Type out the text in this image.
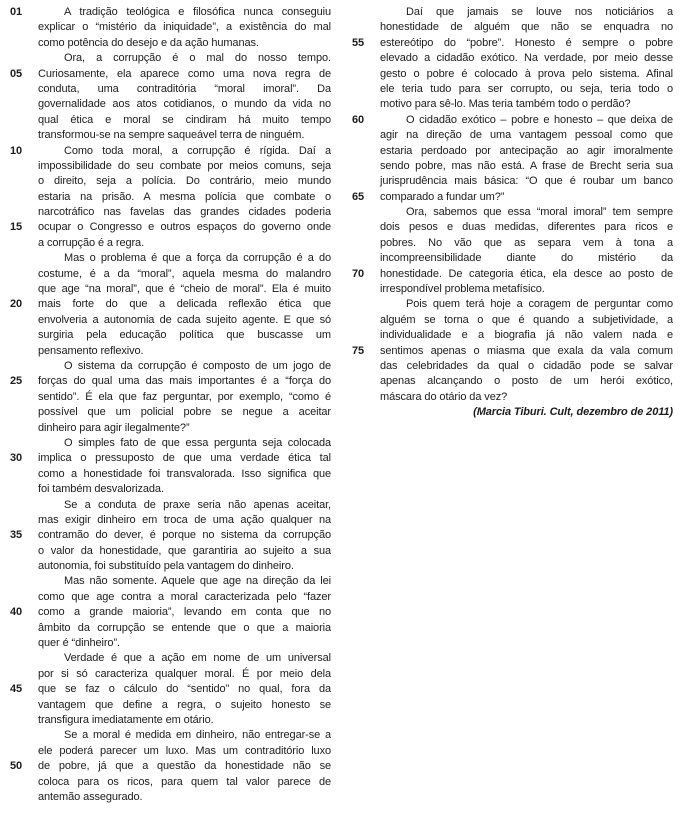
01	A tradição teológica e filosófica nunca conseguiu
explicar o “mistério da iniquidade”, a existência do mal
como potência do desejo e da ação humanas.
Ora, a corrupção é o mal do nosso tempo.
05	Curiosamente, ela aparece como uma nova regra de
conduta, uma contraditória “moral imoral”. Da
governalidade aos atos cotidianos, o mundo da vida no
qual ética e moral se cindiram há muito tempo
transformou-se na sempre saqueável terra de ninguém.
10	Como toda moral, a corrupção é rígida. Daí a
impossibilidade do seu combate por meios comuns, seja
o direito, seja a polícia. Do contrário, meio mundo
estaria na prisão. A mesma polícia que combate o
narcotráfico nas favelas das grandes cidades poderia
15	ocupar o Congresso e outros espaços do governo onde
a corrupção é a regra.
Mas o problema é que a força da corrupção é a do
costume, é a da “moral”, aquela mesma do malandro
que age “na moral”, que é “cheio de moral”. Ela é muito
20	mais forte do que a delicada reflexão ética que
envolveria a autonomia de cada sujeito agente. E que só
surgiria pela educação política que buscasse um
pensamento reflexivo.
O sistema da corrupção é composto de um jogo de
25	forças do qual uma das mais importantes é a “força do
sentido”. É ela que faz perguntar, por exemplo, “como é
possível que um policial pobre se negue a aceitar
dinheiro para agir ilegalmente?”
O simples fato de que essa pergunta seja colocada
30	implica o pressuposto de que uma verdade ética tal
como a honestidade foi transvalorada. Isso significa que
foi também desvalorizada.
Se a conduta de praxe seria não apenas aceitar,
mas exigir dinheiro em troca de uma ação qualquer na
35	contramão do dever, é porque no sistema da corrupção
o valor da honestidade, que garantiria ao sujeito a sua
autonomia, foi substituído pela vantagem do dinheiro.
Mas não somente. Aquele que age na direção da lei
como que age contra a moral caracterizada pelo “fazer
40	como a grande maioria”, levando em conta que no
âmbito da corrupção se entende que o que a maioria
quer é “dinheiro”.
Verdade é que a ação em nome de um universal
por si só caracteriza qualquer moral. É por meio dela
45	que se faz o cálculo do “sentido” no qual, fora da
vantagem que define a regra, o sujeito honesto se
transfigura imediatamente em otário.
Se a moral é medida em dinheiro, não entregar-se a
ele poderá parecer um luxo. Mas um contraditório luxo
50	de pobre, já que a questão da honestidade não se
coloca para os ricos, para quem tal valor parece de
antemão assegurado.
Daí que jamais se louve nos noticiários a
honestidade de alguém que não se enquadra no
55	estereótipo do “pobre”. Honesto é sempre o pobre
elevado a cidadão exótico. Na verdade, por meio desse
gesto o pobre é colocado à prova pelo sistema. Afinal
ele teria tudo para ser corrupto, ou seja, teria todo o
motivo para sê-lo. Mas teria também todo o perdão?
60	O cidadão exótico – pobre e honesto – que deixa de
agir na direção de uma vantagem pessoal como que
estaria perdoado por antecipação ao agir imoralmente
sendo pobre, mas não está. A frase de Brecht seria sua
jurisprudência mais básica: “O que é roubar um banco
65	comparado a fundar um?”
Ora, sabemos que essa “moral imoral” tem sempre
dois pesos e duas medidas, diferentes para ricos e
pobres. No vão que as separa vem à tona a
incompreensibilidade diante do mistério da
70	honestidade. De categoria ética, ela desce ao posto de
irrespondível problema metafísico.
Pois quem terá hoje a coragem de perguntar como
alguém se torna o que é quando a subjetividade, a
individualidade e a biografia já não valem nada e
75	sentimos apenas o miasma que exala da vala comum
das celebridades da qual o cidadão pode se salvar
apenas alcançando o posto de um herói exótico,
máscara do otário da vez?
(Marcia Tiburi. Cult, dezembro de 2011)
